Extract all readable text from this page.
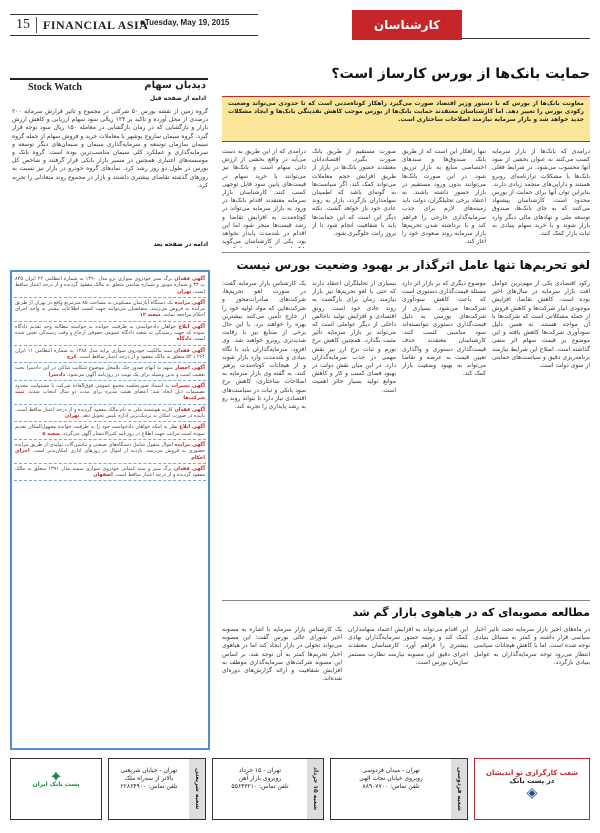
15	FINANCIAL ASIA
■Tuesday, May 19, 2015	کارشناسان
Stock Watch	دیدبان سهام
ادامه از صفحه قبل
گروه زمین از نقشه بورس ۵۰ شرکتی در مجموع و تاثیر قرارش سرمایه ۲۰۰ درصدی از محل آورده و تاکید بر ۱۲۴ ریالی سود سهام ارزیابی و کاهش ارزش بازار و بازگشایی که در زمان بازگشایی در معامله ۱۵۰ ریال سود توجه قرار گیرد. گروه سیمان ساروج بوشهر با معاملات خرید و فروش سهام از جمله گروه سیمان سازمان توسعه و سرمایه‌گذاری سیمان و سیمان‌های دیگر توسعه و سرمایه‌گذاری و عملکرد کلی سیمان مناسب‌ترین بوده است. گروه بانک و موسسه‌های اعتباری همچنین در مسیر بازار بانکی قرار گرفتند و شاخص کل بورس در طول دو روز رشد کرد. نمادهای گروه خودرو در بازار نیز نسبت به روزهای گذشته تقاضای بیشتری داشتند و بازار در مجموع روند متعادلی را تجربه کرد.
ادامه در صفحه بعد
حمایت بانک‌ها از بورس کارساز است؟
معاونت بانک‌ها از بورس که با دستور وزیر اقتصاد صورت می‌گیرد راهکار کوتاه‌مدتی است که تا حدودی می‌تواند وضعیت رکودی بورس را تغییر دهد. اما کارشناسان معتقدند حمایت بانک‌ها از بورس موجب کاهش نقدینگی بانک‌ها و ایجاد مشکلات جدید خواهد شد و بازار سرمایه نیازمند اصلاحات ساختاری است.
درآمدی که از این طریق به دست می‌آید در واقع بخشی از ارزش ذاتی سهام است و بانک‌ها نیز می‌توانند با خرید سهام در قیمت‌های پایین سود قابل توجهی کسب کنند. کارشناسان بازار سرمایه معتقدند اقدام بانک‌ها در ورود به بازار سرمایه می‌تواند در کوتاه‌مدت به افزایش تقاضا و رشد قیمت‌ها منجر شود اما این اقدام در بلندمدت پایدار نخواهد بود. یکی از کارشناسان می‌گوید
صورت مستقیم از طریق بانک صورت بگیرد. اقتصاددانان معتقدند حضور بانک‌ها در بازار از طریق افزایش حجم معاملات می‌تواند کمک کند. اگر سیاست‌ها به گونه‌ای باشد که اطمینان سهامداران بازگردد، بازار به روند عادی خود باز خواهد گشت. نکته دیگر این است که این حمایت‌ها باید با شفافیت انجام شود تا از بروز رانت جلوگیری شود.
تنها راهکار این است که از طریق بانک صندوق‌ها و سبدهای اختصاصی منابع به بازار تزریق شود. در این صورت بانک‌ها می‌توانند بدون ورود مستقیم در بازار حضور داشته باشند. به اعتقاد برخی تحلیلگران، دولت باید زمینه‌های لازم برای جذب سرمایه‌گذاری خارجی را فراهم کند و با برداشته شدن تحریم‌ها بازار سرمایه روند صعودی خود را آغاز کند.
درآمدی که بانک‌ها از بازار سرمایه کسب می‌کنند به عنوان بخشی از سود آنها محسوب می‌شود. در شرایط فعلی بانک‌ها با مشکلات ترازنامه‌ای روبرو هستند و دارایی‌های منجمد زیادی دارند. بنابراین توان آنها برای حمایت از بورس محدود است. کارشناسان پیشنهاد می‌کنند که به جای بانک‌ها، صندوق توسعه ملی و نهادهای مالی دیگر وارد بازار شوند و با خرید سهام بنیادی به ثبات بازار کمک کنند.
لغو تحریم‌ها تنها عامل اثرگذار بر بهبود وضعیت بورس نیست
یک کارشناس بازار سرمایه گفت: در صورت لغو تحریم‌ها، شرکت‌های صادرات‌محور و شرکت‌هایی که مواد اولیه خود را از خارج تأمین می‌کنند بیشترین بهره را خواهند برد. با این حال برخی از صنایع نیز با رقابت شدیدتری روبرو خواهند شد. وی افزود: سرمایه‌گذاران باید با نگاه بنیادی و بلندمدت وارد بازار شوند و از هیجانات کوتاه‌مدت پرهیز کنند. به گفته وی بازار سرمایه به اصلاحات ساختاری، کاهش نرخ سود بانکی و ثبات در سیاست‌های اقتصادی نیاز دارد تا بتواند روند رو به رشد پایداری را تجربه کند.
بسیاری از تحلیلگران اعتقاد دارند که حتی با لغو تحریم‌ها نیز بازار نیازمند زمان برای بازگشت به روند عادی خود است. رونق اقتصادی و افزایش تولید ناخالص داخلی از دیگر عواملی است که می‌تواند بر بازار سرمایه تأثیر مثبت بگذارد. همچنین کاهش نرخ تورم و ثبات نرخ ارز نیز نقش مهمی در جذب سرمایه‌گذاران دارد. در این میان نقش دولت در بهبود فضای کسب و کار و کاهش موانع تولید بسیار حائز اهمیت است.
موضوع دیگری که بر بازار اثر دارد مسئله قیمت‌گذاری دستوری است که باعث کاهش سودآوری شرکت‌ها می‌شود. بسیاری از شرکت‌های بورسی به دلیل قیمت‌گذاری دستوری نتوانسته‌اند سود مناسبی کسب کنند. کارشناسان معتقدند حذف قیمت‌گذاری دستوری و واگذاری تعیین قیمت به عرضه و تقاضا می‌تواند به بهبود وضعیت بازار کمک کند.
رکود اقتصادی یکی از مهم‌ترین عوامل افت بازار سرمایه در سال‌های اخیر بوده است. کاهش تقاضا، افزایش موجودی انبار شرکت‌ها و کاهش فروش از جمله مشکلاتی است که شرکت‌ها با آن مواجه هستند. به همین دلیل سودآوری شرکت‌ها کاهش یافته و این موضوع بر قیمت سهام اثر منفی گذاشته است. اصلاح این شرایط نیازمند برنامه‌ریزی دقیق و سیاست‌های حمایتی از سوی دولت است.
مطالعه مصوبه‌ای که در هیاهوی بازار گم شد
یک کارشناس بازار سرمایه با اشاره به مصوبه اخیر شورای عالی بورس گفت: این مصوبه می‌تواند تحولی در بازار ایجاد کند اما در هیاهوی اخبار تحریم‌ها کمتر به آن توجه شد. بر اساس این مصوبه شرکت‌های سرمایه‌گذاری موظف به افزایش شفافیت و ارائه گزارش‌های دوره‌ای شده‌اند.
این اقدام می‌تواند به افزایش اعتماد سهامداران کمک کند و زمینه حضور سرمایه‌گذاران نهادی بیشتری را فراهم آورد. کارشناسان معتقدند اجرای دقیق این مصوبه نیازمند نظارت مستمر سازمان بورس است.
در ماه‌های اخیر بازار سرمایه تحت تأثیر اخبار سیاسی قرار داشته و کمتر به مسائل بنیادی توجه شده است. اما با کاهش هیجانات سیاسی انتظار می‌رود توجه سرمایه‌گذاران به عوامل بنیادی بازگردد.
آگهی فقدان برگ سبز خودروی سواری پژو مدل ۱۳۹۰ به شماره انتظامی ۲۲ ایران ۸۴۵ ب ۳۳ و شماره موتور و شماره شاسی متعلق به مالک مفقود گردیده و از درجه اعتبار ساقط است. تهران
آگهی مزایده یک دستگاه آپارتمان مسکونی به مساحت ۸۵ مترمربع واقع در تهران از طریق مزایده به فروش می‌رسد. متقاضیان می‌توانند جهت کسب اطلاعات بیشتر به واحد اجرای احکام مراجعه نمایند. شعبه ۱۲
آگهی ابلاغ خواهان دادخواستی به طرفیت خوانده به خواسته مطالبه وجه تقدیم دادگاه نموده که جهت رسیدگی به شعبه دادگاه عمومی حقوقی ارجاع و وقت رسیدگی تعیین شده است. دادگاه
آگهی فقدان سند مالکیت خودروی سواری پراید مدل ۱۳۸۸ به شماره انتظامی ۱۱ ایران ۲۶۴ د ۵۴ متعلق به مالک مفقود و از درجه اعتبار ساقط است. کرج
آگهی احضار متهم به اتهام صدور چک بلامحل موضوع شکایت شاکی در این دادسرا تحت تعقیب است و بدین وسیله برای یک نوبت در روزنامه آگهی می‌شود. دادسرا
آگهی تغییرات به استناد صورتجلسه مجمع عمومی فوق‌العاده شرکت با مسئولیت محدود تصمیمات ذیل اتخاذ شد: اعضای هیئت مدیره برای مدت دو سال انتخاب شدند. ثبت شرکت‌ها
آگهی فقدان کارت هوشمند ملی به نام مالک مفقود گردیده و از درجه اعتبار ساقط است. یابنده در صورت امکان به نزدیک‌ترین اداره پلیس تحویل دهد. تهران
آگهی ابلاغ نظر به اینکه خواهان دادخواست خود را به طرفیت خوانده مجهول‌المکان تقدیم نموده است مراتب جهت اطلاع در روزنامه کثیرالانتشار آگهی می‌گردد. شعبه ۵
آگهی مزایده اموال منقول شامل دستگاه‌های صنعتی و ماشین‌آلات تولیدی از طریق مزایده حضوری به فروش می‌رسد. بازدید از اموال در روزهای اداری امکان‌پذیر است. اجرای احکام
آگهی فقدان برگ سبز و سند کمپانی خودروی سواری سمند مدل ۱۳۹۱ متعلق به مالک مفقود گردیده و از درجه اعتبار ساقط است. اصفهان
✦
پست بانک ایران	شعبه شریعتی
تهران - خیابان شریعتی
بالاتر از سه‌راه ملک
تلفن تماس: ۲۲۸۶۴۹۰۰
شعبه ۱۵ خرداد
تهران - ۱۵ خرداد
روبروی بازار آهن
تلفن تماس: ۵۵۶۴۳۲۱۰	شعبه فردوسی
تهران - میدان فردوسی
روبروی خیابان نجات الهی
تلفن تماس: ۸۸۹۰۷۷۰۰
شعب کارگزاری نو اندیشان
در پست بانک
◈
